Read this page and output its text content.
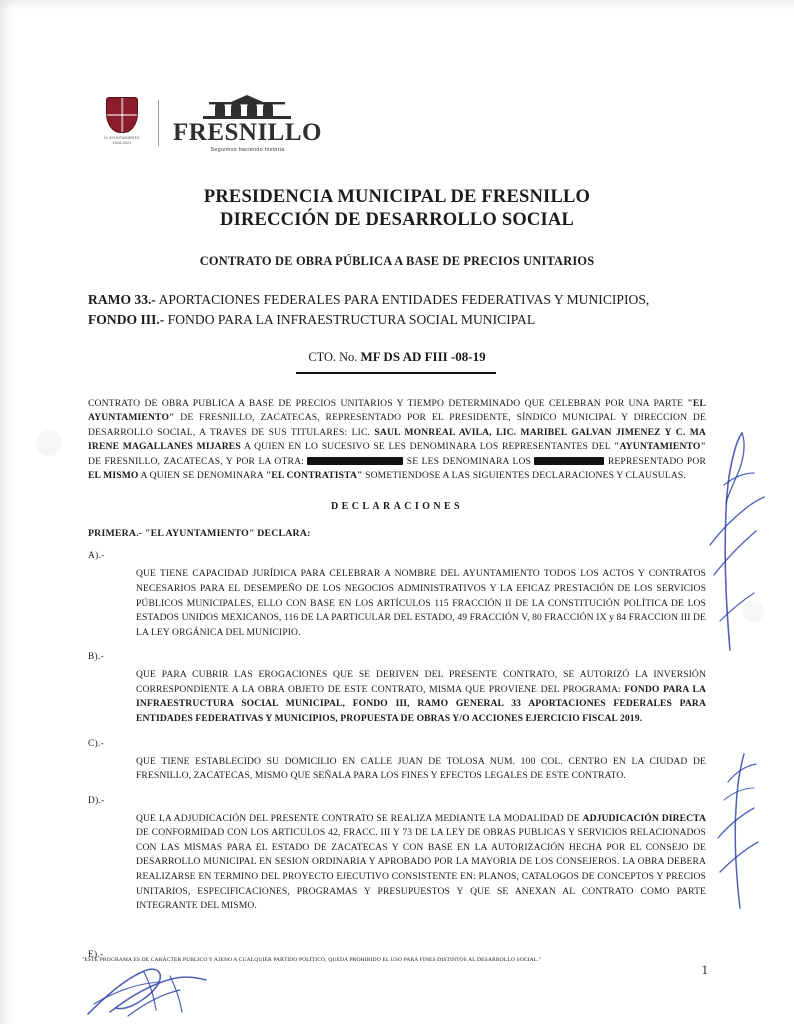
H. AYUNTAMIENTO
2018-2021	FRESNILLO
Seguimos haciendo historia
PRESIDENCIA MUNICIPAL DE FRESNILLO
DIRECCIÓN DE DESARROLLO SOCIAL
CONTRATO DE OBRA PÚBLICA A BASE DE PRECIOS UNITARIOS
RAMO 33.- APORTACIONES FEDERALES PARA ENTIDADES FEDERATIVAS Y MUNICIPIOS,
FONDO III.- FONDO PARA LA INFRAESTRUCTURA SOCIAL MUNICIPAL
CTO. No. MF DS AD FIII -08-19
CONTRATO DE OBRA PUBLICA A BASE DE PRECIOS UNITARIOS Y TIEMPO DETERMINADO QUE CELEBRAN POR UNA PARTE "EL AYUNTAMIENTO" DE FRESNILLO, ZACATECAS, REPRESENTADO POR EL PRESIDENTE, SÍNDICO MUNICIPAL Y DIRECCION DE DESARROLLO SOCIAL, A TRAVES DE SUS TITULARES: LIC. SAUL MONREAL AVILA, LIC. MARIBEL GALVAN JIMENEZ Y C. MA IRENE MAGALLANES MIJARES A QUIEN EN LO SUCESIVO SE LES DENOMINARA LOS REPRESENTANTES DEL "AYUNTAMIENTO" DE FRESNILLO, ZACATECAS, Y POR LA OTRA:	SE LES DENOMINARA LOS	REPRESENTADO POR EL MISMO A QUIEN SE DENOMINARA "EL CONTRATISTA" SOMETIENDOSE A LAS SIGUIENTES DECLARACIONES Y CLAUSULAS.
DECLARACIONES
PRIMERA.- "EL AYUNTAMIENTO" DECLARA:
A).-
QUE TIENE CAPACIDAD JURÍDICA PARA CELEBRAR A NOMBRE DEL AYUNTAMIENTO TODOS LOS ACTOS Y CONTRATOS NECESARIOS PARA EL DESEMPEÑO DE LOS NEGOCIOS ADMINISTRATIVOS Y LA EFICAZ PRESTACIÓN DE LOS SERVICIOS PÚBLICOS MUNICIPALES, ELLO CON BASE EN LOS ARTÍCULOS 115 FRACCIÓN II DE LA CONSTITUCIÓN POLÍTICA DE LOS ESTADOS UNIDOS MEXICANOS, 116 DE LA PARTICULAR DEL ESTADO, 49 FRACCIÓN V, 80 FRACCIÓN IX y 84 FRACCION III DE LA LEY ORGÁNICA DEL MUNICIPIO.
B).-
QUE PARA CUBRIR LAS EROGACIONES QUE SE DERIVEN DEL PRESENTE CONTRATO, SE AUTORIZÓ LA INVERSIÓN CORRESPONDIENTE A LA OBRA OBJETO DE ESTE CONTRATO, MISMA QUE PROVIENE DEL PROGRAMA: FONDO PARA LA INFRAESTRUCTURA SOCIAL MUNICIPAL, FONDO III, RAMO GENERAL 33 APORTACIONES FEDERALES PARA ENTIDADES FEDERATIVAS Y MUNICIPIOS, PROPUESTA DE OBRAS Y/O ACCIONES EJERCICIO FISCAL 2019.
C).-
QUE TIENE ESTABLECIDO SU DOMICILIO EN CALLE JUAN DE TOLOSA NUM. 100 COL. CENTRO EN LA CIUDAD DE FRESNILLO, ZACATECAS, MISMO QUE SEÑALA PARA LOS FINES Y EFECTOS LEGALES DE ESTE CONTRATO.
D).-
QUE LA ADJUDICACIÓN DEL PRESENTE CONTRATO SE REALIZA MEDIANTE LA MODALIDAD DE ADJUDICACIÓN DIRECTA DE CONFORMIDAD CON LOS ARTICULOS 42, FRACC. III Y 73 DE LA LEY DE OBRAS PUBLICAS Y SERVICIOS RELACIONADOS CON LAS MISMAS PARA EL ESTADO DE ZACATECAS Y CON BASE EN LA AUTORIZACIÓN HECHA POR EL CONSEJO DE DESARROLLO MUNICIPAL EN SESION ORDINARIA Y APROBADO POR LA MAYORIA DE LOS CONSEJEROS. LA OBRA DEBERA REALIZARSE EN TERMINO DEL PROYECTO EJECUTIVO CONSISTENTE EN: PLANOS, CATALOGOS DE CONCEPTOS Y PRECIOS UNITARIOS, ESPECIFICACIONES, PROGRAMAS Y PRESUPUESTOS Y QUE SE ANEXAN AL CONTRATO COMO PARTE INTEGRANTE DEL MISMO.
E).-
"ESTE PROGRAMA ES DE CARÁCTER PUBLICO Y AJENO A CUALQUIER PARTIDO POLÍTICO, QUEDA PROHIBIDO EL USO PARA FINES DISTINTOS AL DESARROLLO SOCIAL."
1
